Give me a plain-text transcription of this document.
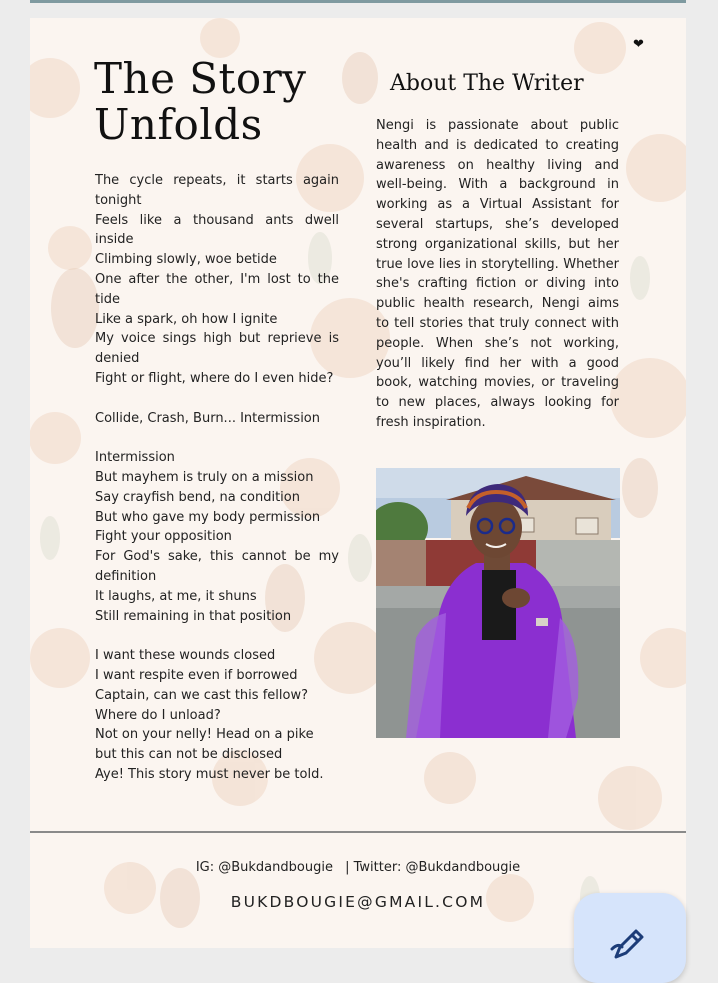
❤
The Story Unfolds
The cycle repeats, it starts again tonight
Feels like a thousand ants dwell inside
Climbing slowly, woe betide
One after the other, I'm lost to the tide
Like a spark, oh how I ignite
My voice sings high but reprieve is denied
Fight or flight, where do I even hide?

Collide, Crash, Burn... Intermission

Intermission
But mayhem is truly on a mission
Say crayfish bend, na condition
But who gave my body permission
Fight your opposition
For God's sake, this cannot be my definition
It laughs, at me, it shuns
Still remaining in that position

I want these wounds closed
I want respite even if borrowed
Captain, can we cast this fellow?
Where do I unload?
Not on your nelly! Head on a pike
but this can not be disclosed
Aye! This story must never be told.
About The Writer
Nengi is passionate about public health and is dedicated to creating awareness on healthy living and well-being. With a background in working as a Virtual Assistant for several startups, she’s developed strong organizational skills, but her true love lies in storytelling. Whether she's crafting fiction or diving into public health research, Nengi aims to tell stories that truly connect with people. When she’s not working, you’ll likely find her with a good book, watching movies, or traveling to new places, always looking for fresh inspiration.
IG: @Bukdandbougie | Twitter: @Bukdandbougie
BUKDBOUGIE@GMAIL.COM
